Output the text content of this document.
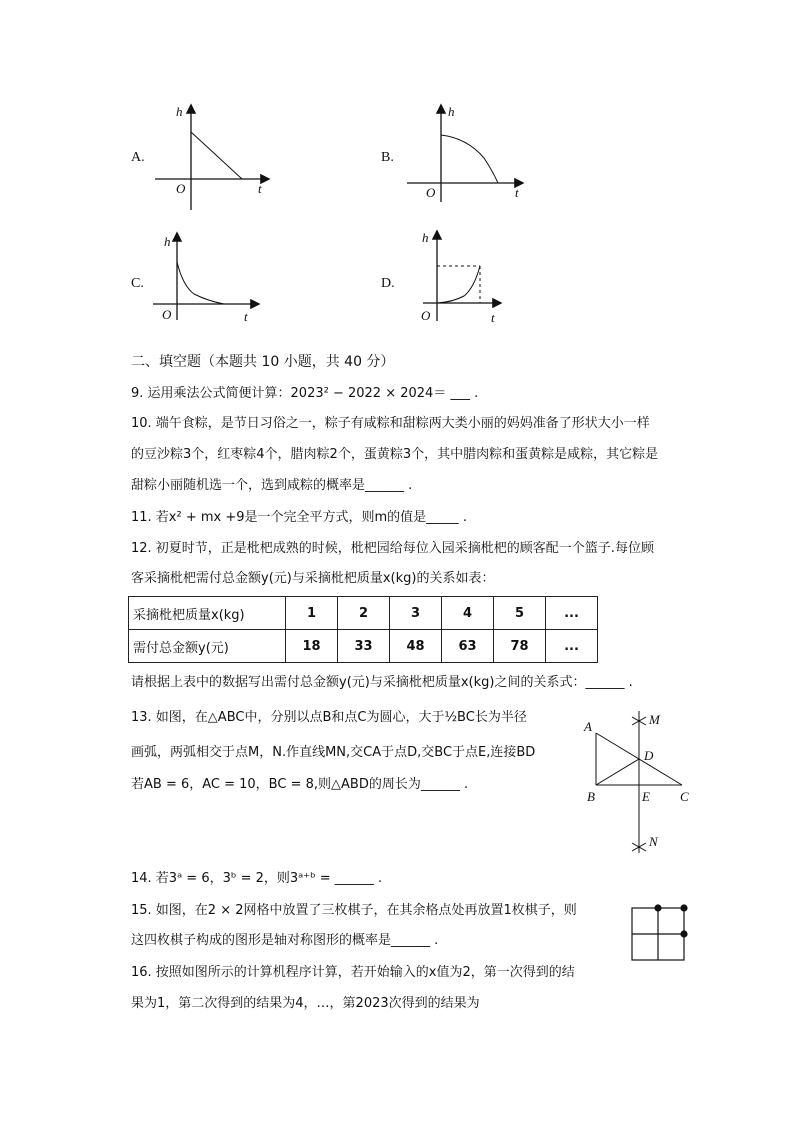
A.
h
t
O
B.
h
t
O
C.
h
t
O
D.
h
t
O
二、填空题（本题共 10 小题，共 40 分）
9. 运用乘法公式简便计算：2023² − 2022 × 2024＝ ___ .
10. 端午食粽，是节日习俗之一，粽子有咸粽和甜粽两大类小丽的妈妈准备了形状大小一样
的豆沙粽3个，红枣粽4个，腊肉粽2个，蛋黄粽3个，其中腊肉粽和蛋黄粽是咸粽，其它粽是
甜粽小丽随机选一个，选到咸粽的概率是______ .
11. 若x² + mx +9是一个完全平方式，则m的值是_____ .
12. 初夏时节，正是枇杷成熟的时候，枇杷园给每位入园采摘枇杷的顾客配一个篮子.每位顾
客采摘枇杷需付总金额y(元)与采摘枇杷质量x(kg)的关系如表：
采摘枇杷质量x(kg)	1	2	3	4	5	...
需付总金额y(元)	18	33	48	63	78	...
请根据上表中的数据写出需付总金额y(元)与采摘枇杷质量x(kg)之间的关系式：______ .
13. 如图，在△ABC中，分别以点B和点C为圆心，大于½BC长为半径
画弧，两弧相交于点M，N.作直线MN,交CA于点D,交BC于点E,连接BD
若AB = 6，AC = 10，BC = 8,则△ABD的周长为______ .
A	M
D
B	E C
N
14. 若3ᵃ = 6，3ᵇ = 2，则3ᵃ⁺ᵇ = ______ .
15. 如图，在2 × 2网格中放置了三枚棋子，在其余格点处再放置1枚棋子，则
这四枚棋子构成的图形是轴对称图形的概率是______ .
16. 按照如图所示的计算机程序计算，若开始输入的x值为2，第一次得到的结
果为1，第二次得到的结果为4，…，第2023次得到的结果为
